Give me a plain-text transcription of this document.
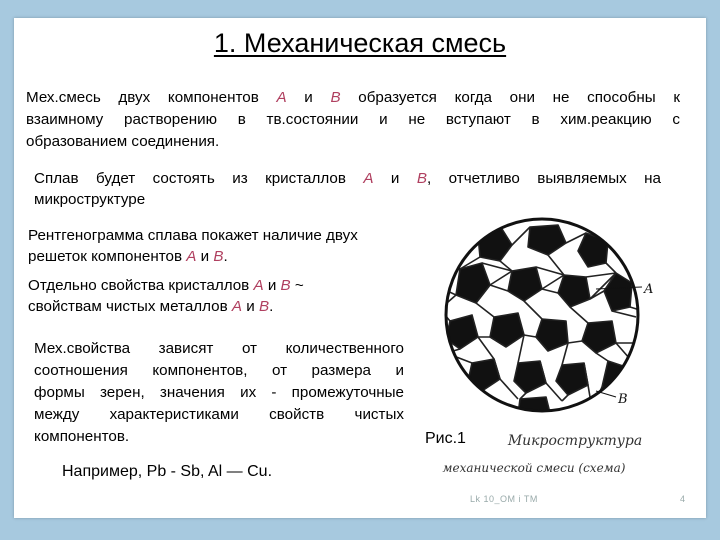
1. Механическая смесь
Мех.смесь двух компонентов A и B образуется когда они не способны к
взаимному растворению в тв.состоянии и не вступают в хим.реакцию с
образованием соединения.
Сплав будет состоять из кристаллов A и B, отчетливо выявляемых на
микроструктуре
Рентгенограмма сплава покажет наличие двух
решеток компонентов A и B.
Отдельно свойства кристаллов A и B ~
свойствам чистых металлов A и B.
Мех.свойства зависят от количественного
соотношения компонентов, от размера и
формы зерен, значения их - промежуточные
между характеристиками свойств чистых
компонентов.
Например, Pb - Sb, Al — Cu.
A
B
Рис.1	Микроструктура
механической смеси (схема)
Lk 10_OM i TM	4
